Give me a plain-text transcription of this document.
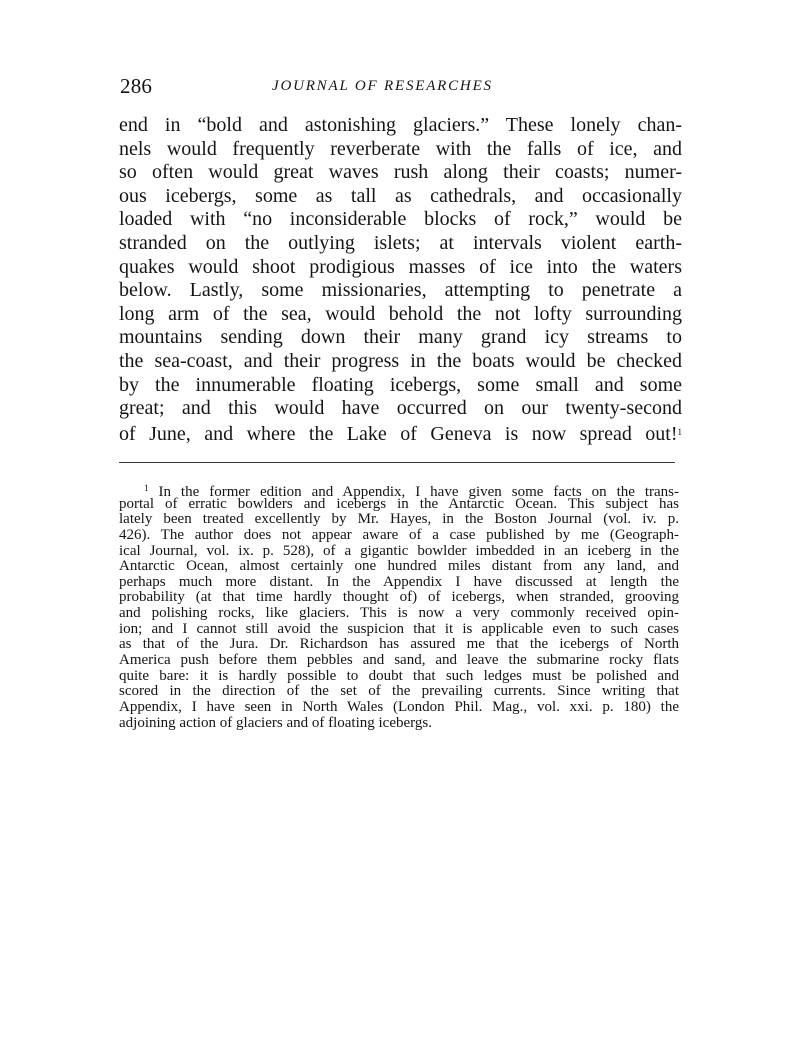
286	JOURNAL OF RESEARCHES
end in “bold and astonishing glaciers.” These lonely chan-
nels would frequently reverberate with the falls of ice, and
so often would great waves rush along their coasts; numer-
ous icebergs, some as tall as cathedrals, and occasionally
loaded with “no inconsiderable blocks of rock,” would be
stranded on the outlying islets; at intervals violent earth-
quakes would shoot prodigious masses of ice into the waters
below. Lastly, some missionaries, attempting to penetrate a
long arm of the sea, would behold the not lofty surrounding
mountains sending down their many grand icy streams to
the sea-coast, and their progress in the boats would be checked
by the innumerable floating icebergs, some small and some
great; and this would have occurred on our twenty-second
of June, and where the Lake of Geneva is now spread out!$^1$
$^1$ In the former edition and Appendix, I have given some facts on the trans-
portal of erratic bowlders and icebergs in the Antarctic Ocean. This subject has
lately been treated excellently by Mr. Hayes, in the Boston Journal (vol. iv. p.
426). The author does not appear aware of a case published by me (Geograph-
ical Journal, vol. ix. p. 528), of a gigantic bowlder imbedded in an iceberg in the
Antarctic Ocean, almost certainly one hundred miles distant from any land, and
perhaps much more distant. In the Appendix I have discussed at length the
probability (at that time hardly thought of) of icebergs, when stranded, grooving
and polishing rocks, like glaciers. This is now a very commonly received opin-
ion; and I cannot still avoid the suspicion that it is applicable even to such cases
as that of the Jura. Dr. Richardson has assured me that the icebergs of North
America push before them pebbles and sand, and leave the submarine rocky flats
quite bare: it is hardly possible to doubt that such ledges must be polished and
scored in the direction of the set of the prevailing currents. Since writing that
Appendix, I have seen in North Wales (London Phil. Mag., vol. xxi. p. 180) the
adjoining action of glaciers and of floating icebergs.
